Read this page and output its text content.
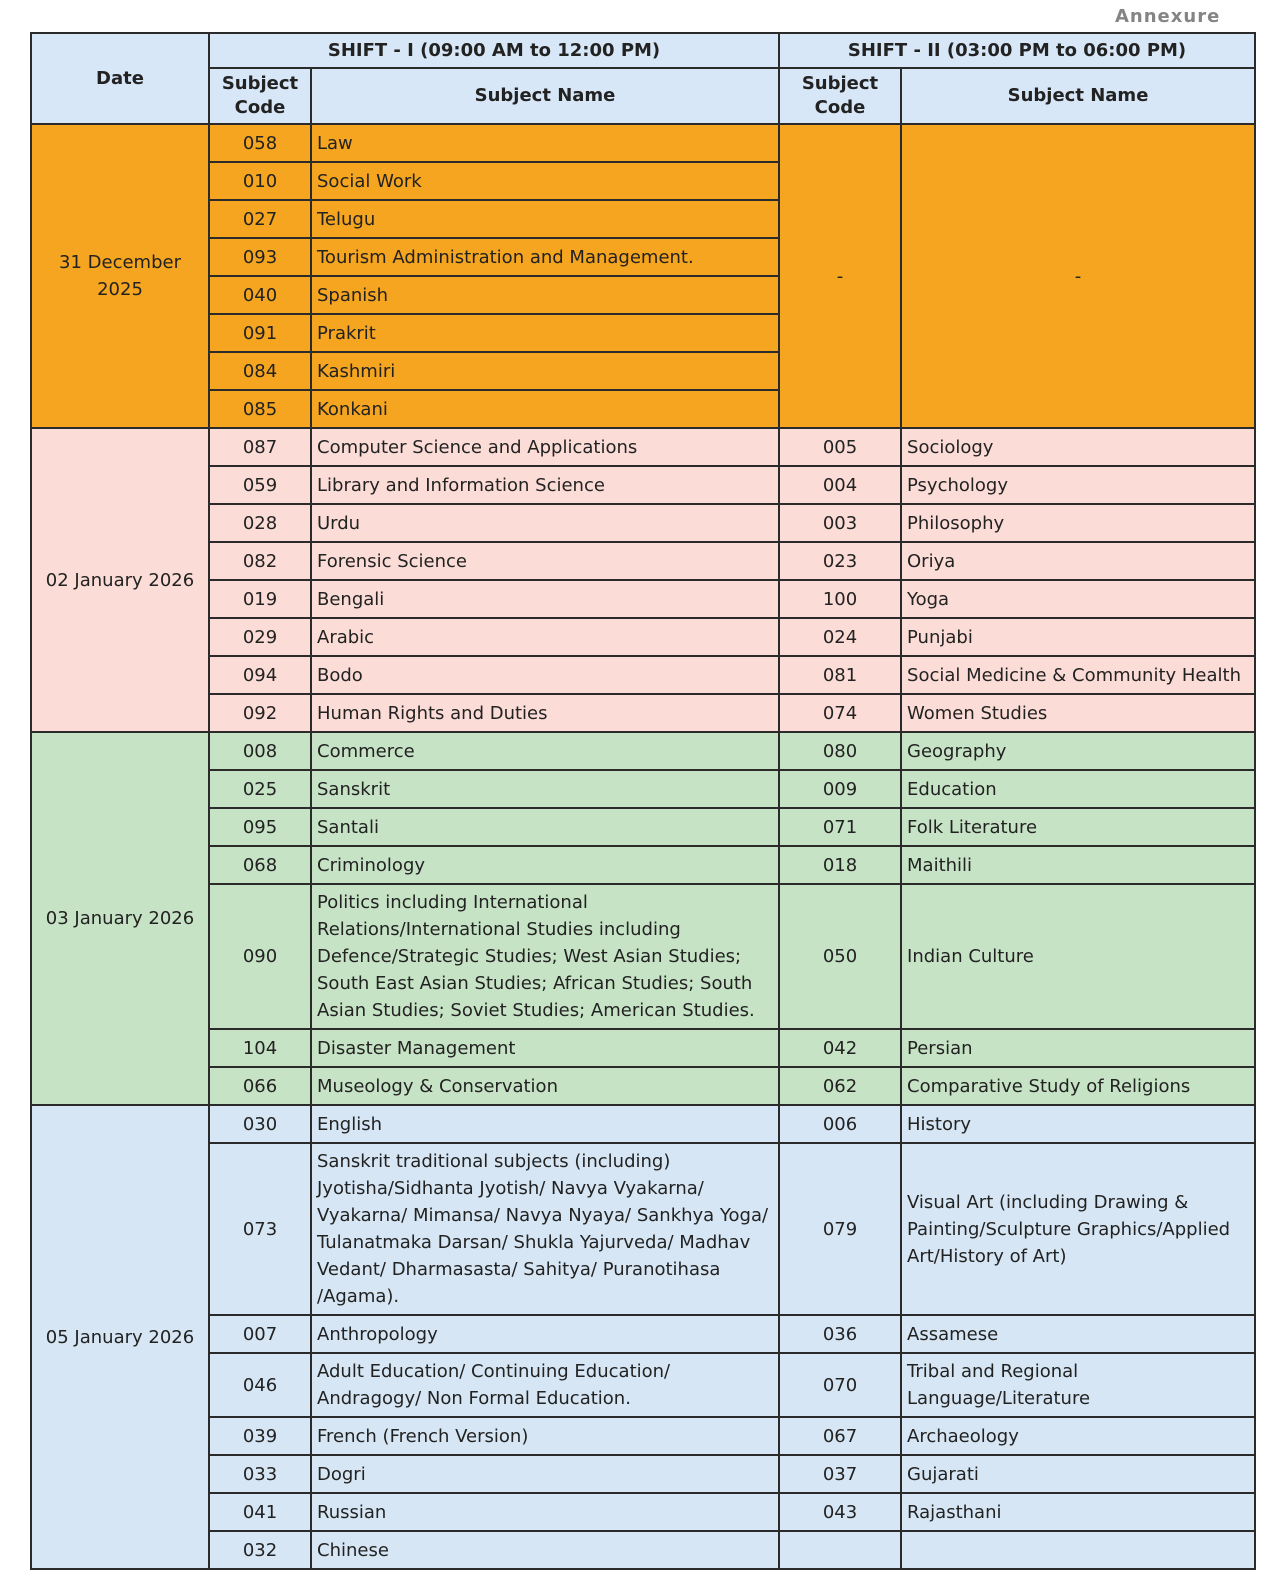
Annexure
Date	SHIFT - I (09:00 AM to 12:00 PM)		SHIFT - II (03:00 PM to 06:00 PM)	
	Subject Code	Subject Name	Subject Code	Subject Name
31 December 2025	058	Law	-	-
	010	Social Work		
	027	Telugu		
	093	Tourism Administration and Management.		
	040	Spanish		
	091	Prakrit		
	084	Kashmiri		
	085	Konkani		
02 January 2026	087	Computer Science and Applications	005	Sociology
	059	Library and Information Science	004	Psychology
	028	Urdu	003	Philosophy
	082	Forensic Science	023	Oriya
	019	Bengali	100	Yoga
	029	Arabic	024	Punjabi
	094	Bodo	081	Social Medicine & Community Health
	092	Human Rights and Duties	074	Women Studies
03 January 2026	008	Commerce	080	Geography
	025	Sanskrit	009	Education
	095	Santali	071	Folk Literature
	068	Criminology	018	Maithili
	090	Politics including International Relations/International Studies including Defence/Strategic Studies; West Asian Studies; South East Asian Studies; African Studies; South Asian Studies; Soviet Studies; American Studies.	050	Indian Culture
	104	Disaster Management	042	Persian
	066	Museology & Conservation	062	Comparative Study of Religions
05 January 2026	030	English	006	History
	073	Sanskrit traditional subjects (including) Jyotisha/Sidhanta Jyotish/ Navya Vyakarna/ Vyakarna/ Mimansa/ Navya Nyaya/ Sankhya Yoga/ Tulanatmaka Darsan/ Shukla Yajurveda/ Madhav Vedant/ Dharmasasta/ Sahitya/ Puranotihasa /Agama).	079	Visual Art (including Drawing & Painting/Sculpture Graphics/Applied Art/History of Art)
	007	Anthropology	036	Assamese
	046	Adult Education/ Continuing Education/ Andragogy/ Non Formal Education.	070	Tribal and Regional Language/Literature
	039	French (French Version)	067	Archaeology
	033	Dogri	037	Gujarati
	041	Russian	043	Rajasthani
	032	Chinese		
